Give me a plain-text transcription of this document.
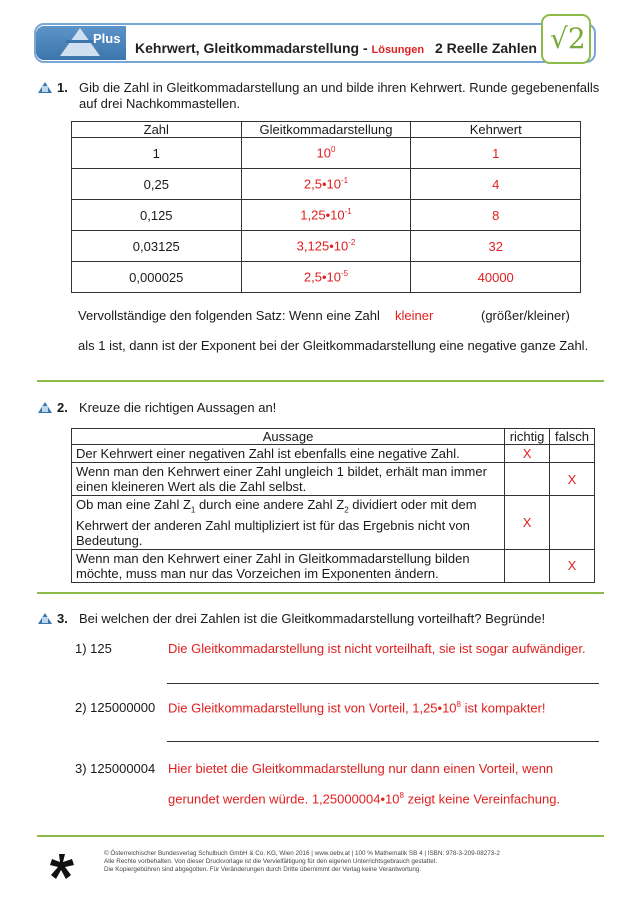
Plus
Kehrwert, Gleitkommadarstellung - Lösungen 2 Reelle Zahlen √2
1. Gib die Zahl in Gleitkommadarstellung an und bilde ihren Kehrwert. Runde gegebenenfalls auf drei Nachkommastellen.
Zahl	Gleitkommadarstellung	Kehrwert
1	$10^0$	1
0,25	$2,5•10^{-1}$	4
0,125	$1,25•10^{-1}$	8
0,03125	$3,125•10^{-2}$	32
0,000025	$2,5•10^{-5}$	40000
Vervollständige den folgenden Satz: Wenn eine Zahl kleiner	(größer/kleiner)
als 1 ist, dann ist der Exponent bei der Gleitkommadarstellung eine negative ganze Zahl.
2. Kreuze die richtigen Aussagen an!
Aussage	richtig	falsch
Der Kehrwert einer negativen Zahl ist ebenfalls eine negative Zahl.	X	
Wenn man den Kehrwert einer Zahl ungleich 1 bildet, erhält man immer einen kleineren Wert als die Zahl selbst.		X
Ob man eine Zahl $Z_1$ durch eine andere Zahl $Z_2$ dividiert oder mit dem Kehrwert der anderen Zahl multipliziert ist für das Ergebnis nicht von Bedeutung.	X	
Wenn man den Kehrwert einer Zahl in Gleitkommadarstellung bilden möchte, muss man nur das Vorzeichen im Exponenten ändern.		X
3. Bei welchen der drei Zahlen ist die Gleitkommadarstellung vorteilhaft? Begründe!
1) 125	Die Gleitkommadarstellung ist nicht vorteilhaft, sie ist sogar aufwändiger.
2) 125000000 Die Gleitkommadarstellung ist von Vorteil, $1,25•10^8$ ist kompakter!
3) 125000004 Hier bietet die Gleitkommadarstellung nur dann einen Vorteil, wenn
gerundet werden würde. $1,25000004•10^8$ zeigt keine Vereinfachung.
© Österreichischer Bundesverlag Schulbuch GmbH & Co. KG, Wien 2016 | www.oebv.at | 100 % Mathematik SB 4 | ISBN: 978-3-209-08273-2
Alle Rechte vorbehalten. Von dieser Druckvorlage ist die Vervielfältigung für den eigenen Unterrichtsgebrauch gestattet.
Die Kopiergebühren sind abgegolten. Für Veränderungen durch Dritte übernimmt der Verlag keine Verantwortung.
